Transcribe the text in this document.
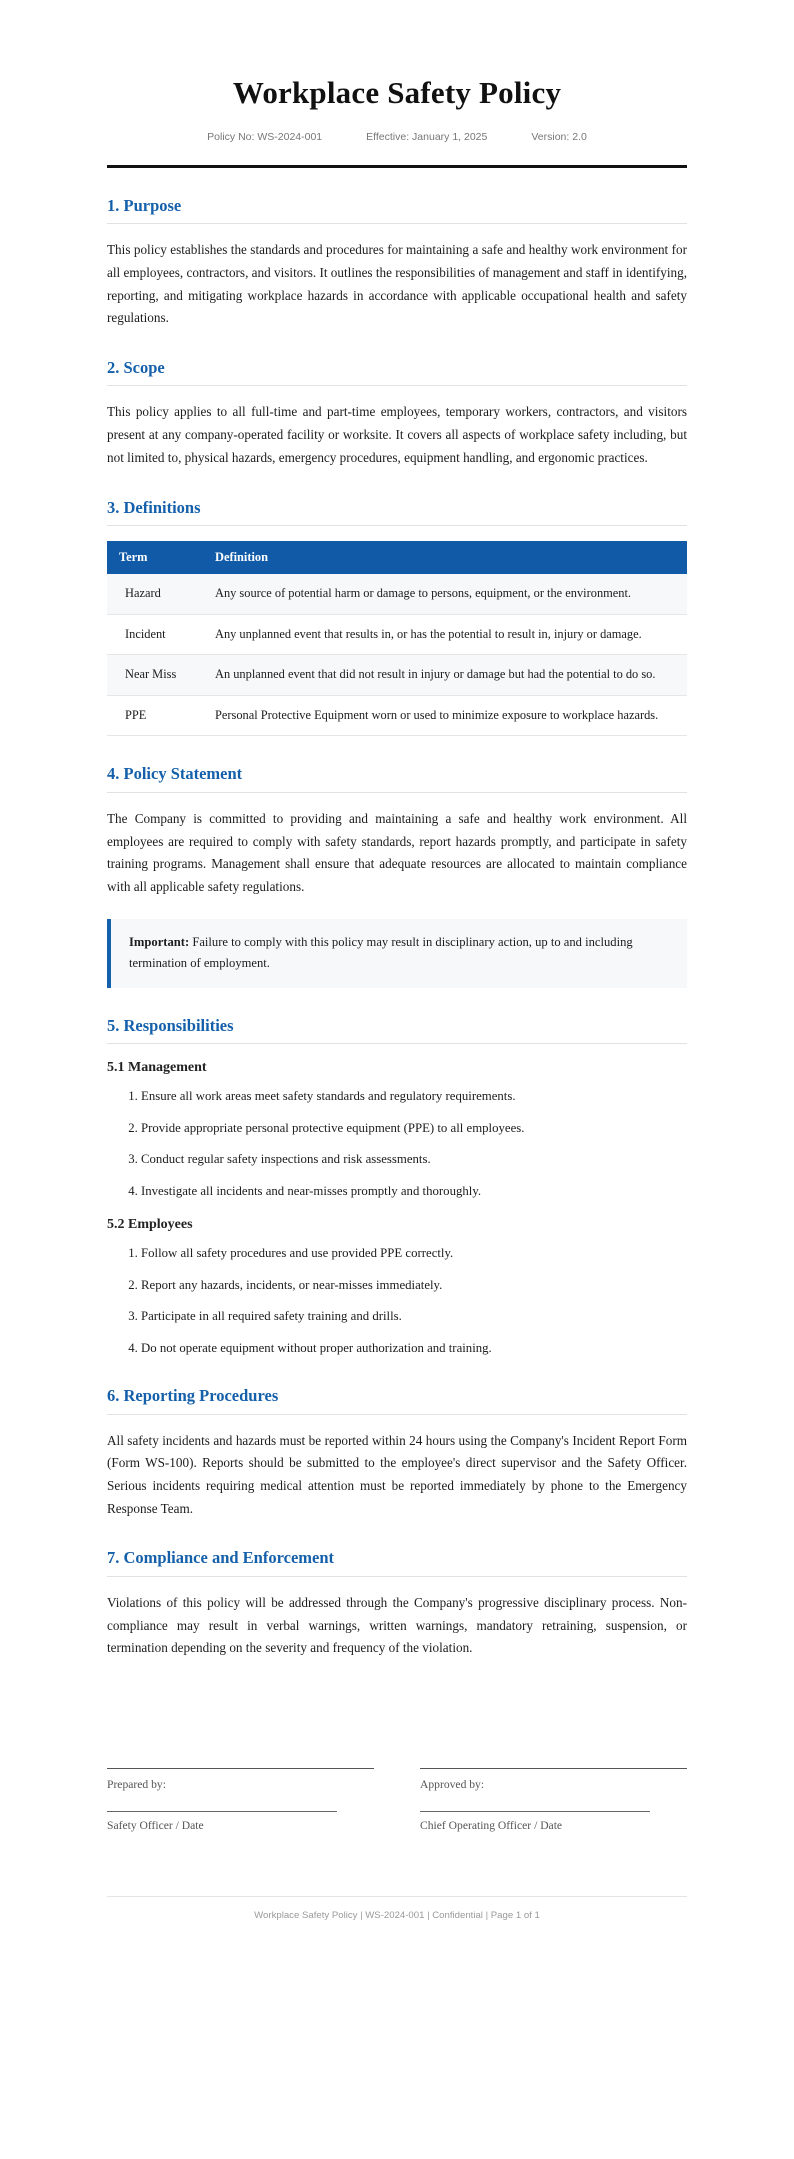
Workplace Safety Policy
Policy No: WS-2024-001	Effective: January 1, 2025	Version: 2.0
1. Purpose

This policy establishes the standards and procedures for maintaining a safe and healthy work environment for all employees, contractors, and visitors. It outlines the responsibilities of management and staff in identifying, reporting, and mitigating workplace hazards in accordance with applicable occupational health and safety regulations.

2. Scope

This policy applies to all full-time and part-time employees, temporary workers, contractors, and visitors present at any company-operated facility or worksite. It covers all aspects of workplace safety including, but not limited to, physical hazards, emergency procedures, equipment handling, and ergonomic practices.

3. Definitions
Term	Definition
Hazard	Any source of potential harm or damage to persons, equipment, or the environment.
Incident	Any unplanned event that results in, or has the potential to result in, injury or damage.
Near Miss	An unplanned event that did not result in injury or damage but had the potential to do so.
PPE	Personal Protective Equipment worn or used to minimize exposure to workplace hazards.
4. Policy Statement

The Company is committed to providing and maintaining a safe and healthy work environment. All employees are required to comply with safety standards, report hazards promptly, and participate in safety training programs. Management shall ensure that adequate resources are allocated to maintain compliance with all applicable safety regulations.

Important: Failure to comply with this policy may result in disciplinary action, up to and including termination of employment.
5. Responsibilities
5.1 Management
1. Ensure all work areas meet safety standards and regulatory requirements.
2. Provide appropriate personal protective equipment (PPE) to all employees.
3. Conduct regular safety inspections and risk assessments.
4. Investigate all incidents and near-misses promptly and thoroughly.
5.2 Employees
1. Follow all safety procedures and use provided PPE correctly.
2. Report any hazards, incidents, or near-misses immediately.
3. Participate in all required safety training and drills.
4. Do not operate equipment without proper authorization and training.
6. Reporting Procedures

All safety incidents and hazards must be reported within 24 hours using the Company's Incident Report Form (Form WS-100). Reports should be submitted to the employee's direct supervisor and the Safety Officer. Serious incidents requiring medical attention must be reported immediately by phone to the Emergency Response Team.

7. Compliance and Enforcement

Violations of this policy will be addressed through the Company's progressive disciplinary process. Non-compliance may result in verbal warnings, written warnings, mandatory retraining, suspension, or termination depending on the severity and frequency of the violation.

Prepared by:
Safety Officer / Date
Approved by:
Chief Operating Officer / Date
Workplace Safety Policy | WS-2024-001 | Confidential | Page 1 of 1
